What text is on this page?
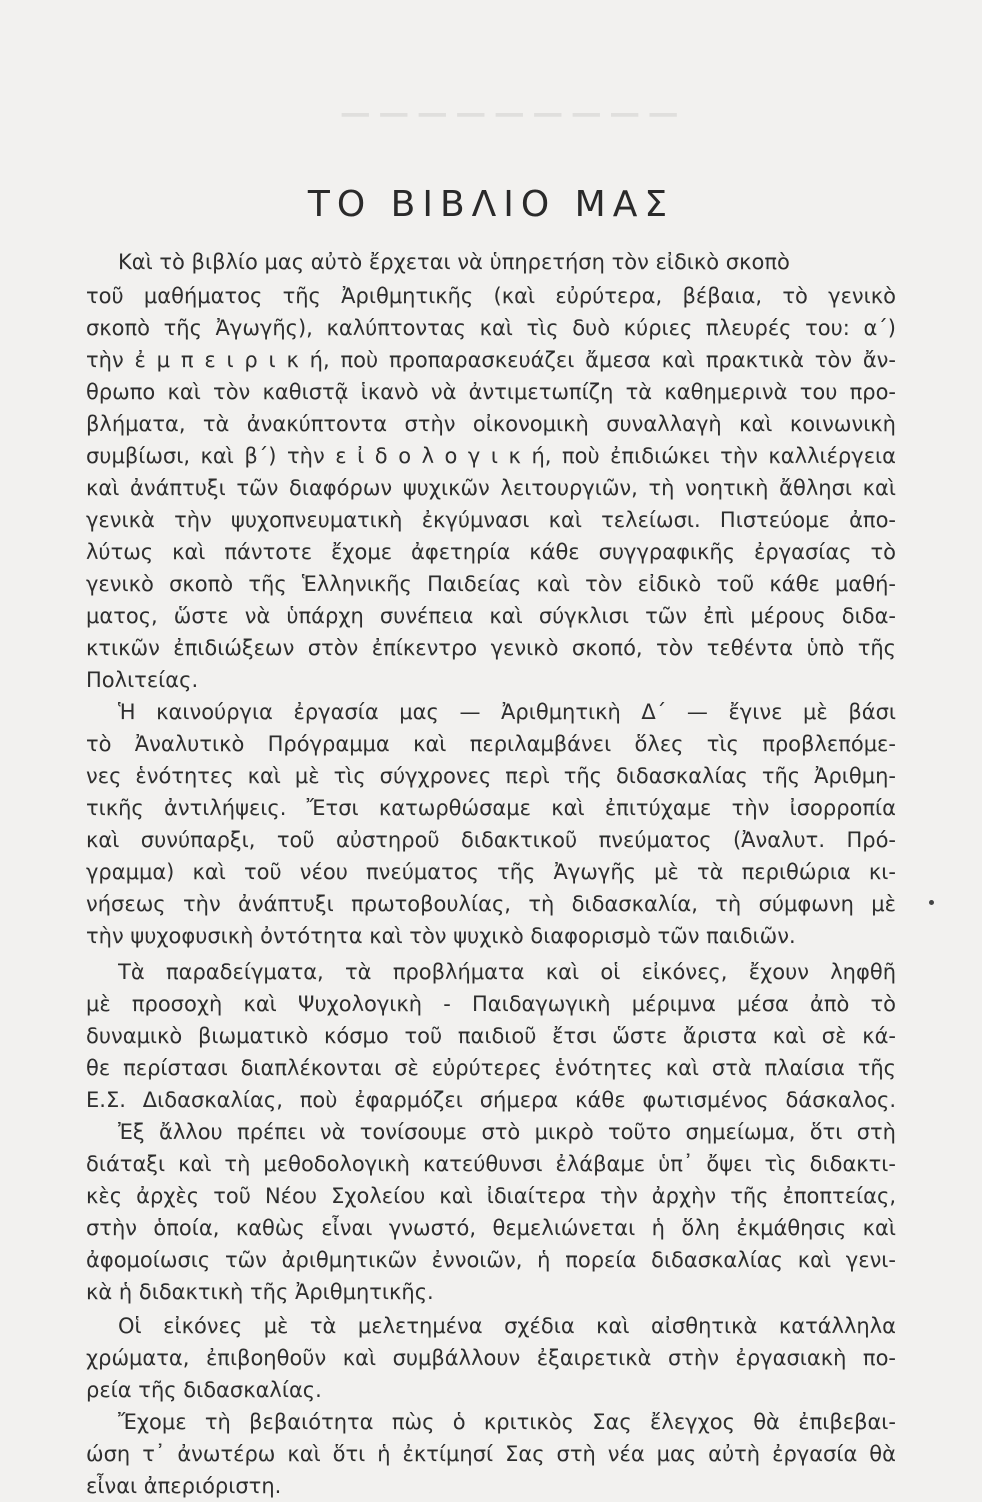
─────────
ΤΟ ΒΙΒΛΙΟ ΜΑΣ
Καὶ τὸ βιβλίο μας αὐτὸ ἔρχεται νὰ ὑπηρετήση τὸν εἰδικὸ σκοπὸ
τοῦ μαθήματος τῆς Ἀριθμητικῆς (καὶ εὐρύτερα, βέβαια, τὸ γενικὸ
σκοπὸ τῆς Ἀγωγῆς), καλύπτοντας καὶ τὶς δυὸ κύριες πλευρές του: α΄)
τὴν ἐ μ π ε ι ρ ι κ ή, ποὺ προπαρασκευάζει ἄμεσα καὶ πρακτικὰ τὸν ἄν-
θρωπο καὶ τὸν καθιστᾷ ἱκανὸ νὰ ἀντιμετωπίζη τὰ καθημερινὰ του προ-
βλήματα, τὰ ἀνακύπτοντα στὴν οἰκονομικὴ συναλλαγὴ καὶ κοινωνικὴ
συμβίωσι, καὶ β΄) τὴν ε ἰ δ ο λ ο γ ι κ ή, ποὺ ἐπιδιώκει τὴν καλλιέργεια
καὶ ἀνάπτυξι τῶν διαφόρων ψυχικῶν λειτουργιῶν, τὴ νοητικὴ ἄθλησι καὶ
γενικὰ τὴν ψυχοπνευματικὴ ἐκγύμνασι καὶ τελείωσι. Πιστεύομε ἀπο-
λύτως καὶ πάντοτε ἔχομε ἀφετηρία κάθε συγγραφικῆς ἐργασίας τὸ
γενικὸ σκοπὸ τῆς Ἑλληνικῆς Παιδείας καὶ τὸν εἰδικὸ τοῦ κάθε μαθή-
ματος, ὥστε νὰ ὑπάρχη συνέπεια καὶ σύγκλισι τῶν ἐπὶ μέρους διδα-
κτικῶν ἐπιδιώξεων στὸν ἐπίκεντρο γενικὸ σκοπό, τὸν τεθέντα ὑπὸ τῆς
Πολιτείας.
Ἡ καινούργια ἐργασία μας — Ἀριθμητικὴ Δ΄ — ἔγινε μὲ βάσι
τὸ Ἀναλυτικὸ Πρόγραμμα καὶ περιλαμβάνει ὅλες τὶς προβλεπόμε-
νες ἑνότητες καὶ μὲ τὶς σύγχρονες περὶ τῆς διδασκαλίας τῆς Ἀριθμη-
τικῆς ἀντιλήψεις. Ἔτσι κατωρθώσαμε καὶ ἐπιτύχαμε τὴν ἰσορροπία
καὶ συνύπαρξι, τοῦ αὐστηροῦ διδακτικοῦ πνεύματος (Ἀναλυτ. Πρό-
γραμμα) καὶ τοῦ νέου πνεύματος τῆς Ἀγωγῆς μὲ τὰ περιθώρια κι-
νήσεως τὴν ἀνάπτυξι πρωτοβουλίας, τὴ διδασκαλία, τὴ σύμφωνη μὲ
τὴν ψυχοφυσικὴ ὀντότητα καὶ τὸν ψυχικὸ διαφορισμὸ τῶν παιδιῶν.
Τὰ παραδείγματα, τὰ προβλήματα καὶ οἱ εἰκόνες, ἔχουν ληφθῆ
μὲ προσοχὴ καὶ Ψυχολογικὴ - Παιδαγωγικὴ μέριμνα μέσα ἀπὸ τὸ
δυναμικὸ βιωματικὸ κόσμο τοῦ παιδιοῦ ἔτσι ὥστε ἄριστα καὶ σὲ κά-
θε περίστασι διαπλέκονται σὲ εὐρύτερες ἑνότητες καὶ στὰ πλαίσια τῆς
Ε.Σ. Διδασκαλίας, ποὺ ἐφαρμόζει σήμερα κάθε φωτισμένος δάσκαλος.
Ἐξ ἄλλου πρέπει νὰ τονίσουμε στὸ μικρὸ τοῦτο σημείωμα, ὅτι στὴ
διάταξι καὶ τὴ μεθοδολογικὴ κατεύθυνσι ἐλάβαμε ὑπ᾽ ὄψει τὶς διδακτι-
κὲς ἀρχὲς τοῦ Νέου Σχολείου καὶ ἰδιαίτερα τὴν ἀρχὴν τῆς ἐποπτείας,
στὴν ὁποία, καθὼς εἶναι γνωστό, θεμελιώνεται ἡ ὅλη ἐκμάθησις καὶ
ἀφομοίωσις τῶν ἀριθμητικῶν ἐννοιῶν, ἡ πορεία διδασκαλίας καὶ γενι-
κὰ ἡ διδακτικὴ τῆς Ἀριθμητικῆς.
Οἱ εἰκόνες μὲ τὰ μελετημένα σχέδια καὶ αἰσθητικὰ κατάλληλα
χρώματα, ἐπιβοηθοῦν καὶ συμβάλλουν ἐξαιρετικὰ στὴν ἐργασιακὴ πο-
ρεία τῆς διδασκαλίας.
Ἔχομε τὴ βεβαιότητα πὼς ὁ κριτικὸς Σας ἔλεγχος θὰ ἐπιβεβαι-
ώση τ᾽ ἀνωτέρω καὶ ὅτι ἡ ἐκτίμησί Σας στὴ νέα μας αὐτὴ ἐργασία θὰ
εἶναι ἀπεριόριστη.
